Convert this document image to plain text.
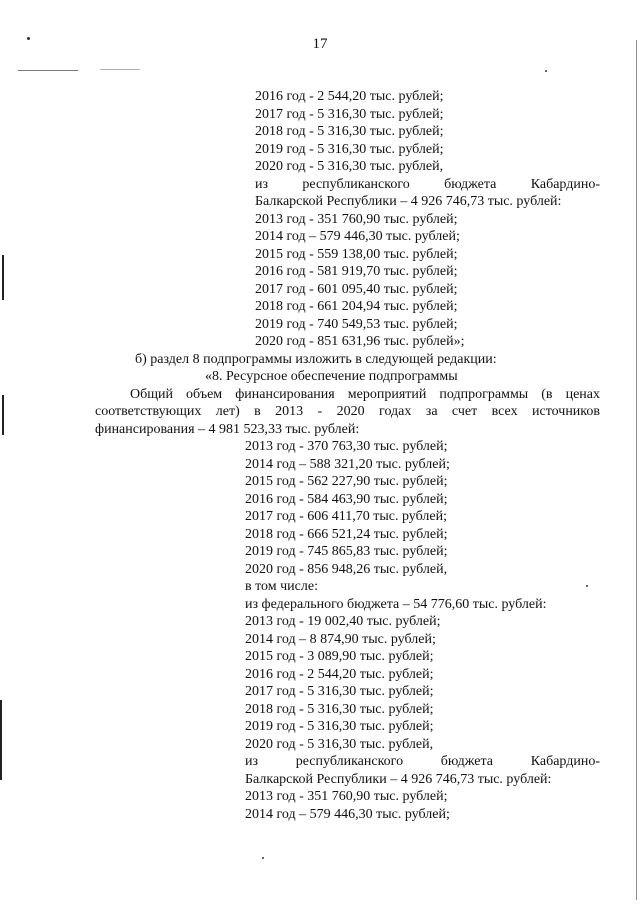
17
2016 год - 2 544,20 тыс. рублей;
2017 год - 5 316,30 тыс. рублей;
2018 год - 5 316,30 тыс. рублей;
2019 год - 5 316,30 тыс. рублей;
2020 год - 5 316,30 тыс. рублей,
из республиканского бюджета Кабардино-
Балкарской Республики – 4 926 746,73 тыс. рублей:
2013 год - 351 760,90 тыс. рублей;
2014 год – 579 446,30 тыс. рублей;
2015 год - 559 138,00 тыс. рублей;
2016 год - 581 919,70 тыс. рублей;
2017 год - 601 095,40 тыс. рублей;
2018 год - 661 204,94 тыс. рублей;
2019 год - 740 549,53 тыс. рублей;
2020 год - 851 631,96 тыс. рублей»;
б) раздел 8 подпрограммы изложить в следующей редакции:
«8. Ресурсное обеспечение подпрограммы
Общий объем финансирования мероприятий подпрограммы (в ценах
соответствующих лет) в 2013 - 2020 годах за счет всех источников
финансирования – 4 981 523,33 тыс. рублей:
2013 год - 370 763,30 тыс. рублей;
2014 год – 588 321,20 тыс. рублей;
2015 год - 562 227,90 тыс. рублей;
2016 год - 584 463,90 тыс. рублей;
2017 год - 606 411,70 тыс. рублей;
2018 год - 666 521,24 тыс. рублей;
2019 год - 745 865,83 тыс. рублей;
2020 год - 856 948,26 тыс. рублей,
в том числе:
из федерального бюджета – 54 776,60 тыс. рублей:
2013 год - 19 002,40 тыс. рублей;
2014 год – 8 874,90 тыс. рублей;
2015 год - 3 089,90 тыс. рублей;
2016 год - 2 544,20 тыс. рублей;
2017 год - 5 316,30 тыс. рублей;
2018 год - 5 316,30 тыс. рублей;
2019 год - 5 316,30 тыс. рублей;
2020 год - 5 316,30 тыс. рублей,
из республиканского бюджета Кабардино-
Балкарской Республики – 4 926 746,73 тыс. рублей:
2013 год - 351 760,90 тыс. рублей;
2014 год – 579 446,30 тыс. рублей;
